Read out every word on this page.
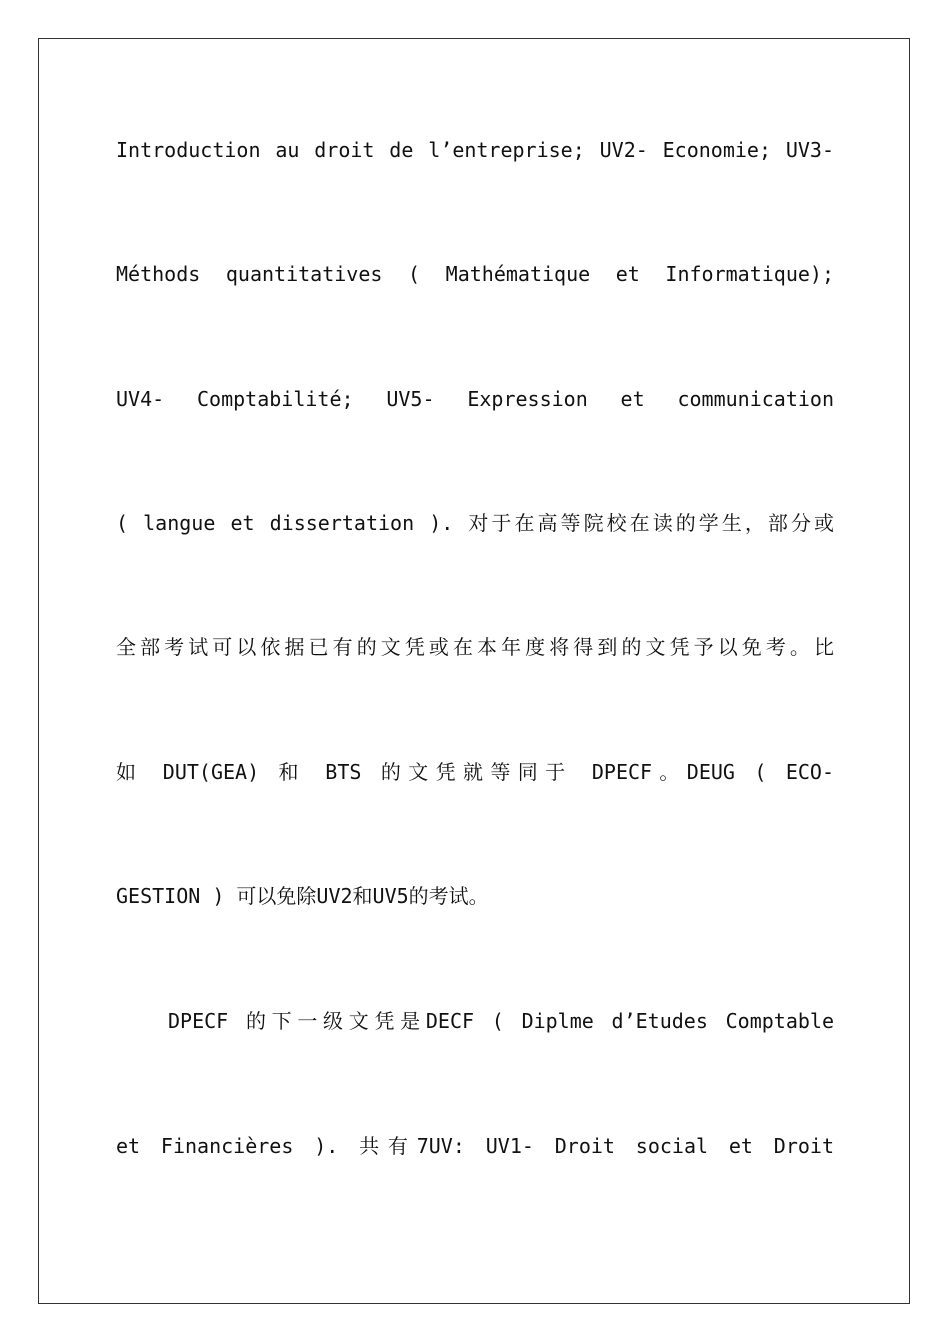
Introduction au droit de l’entreprise; UV2- Economie; UV3-
Méthods quantitatives ( Mathématique et Informatique);
UV4- Comptabilité; UV5- Expression et communication
( langue et dissertation ). 对于在高等院校在读的学生，部分或
全部考试可以依据已有的文凭或在本年度将得到的文凭予以免考。比
如 DUT(GEA) 和 BTS 的文凭就等同于 DPECF。DEUG ( ECO-
GESTION ) 可以免除UV2和UV5的考试。
DPECF 的下一级文凭是DECF ( Diplme d’Etudes Comptable
et Financières ). 共有7UV: UV1- Droit social et Droit
